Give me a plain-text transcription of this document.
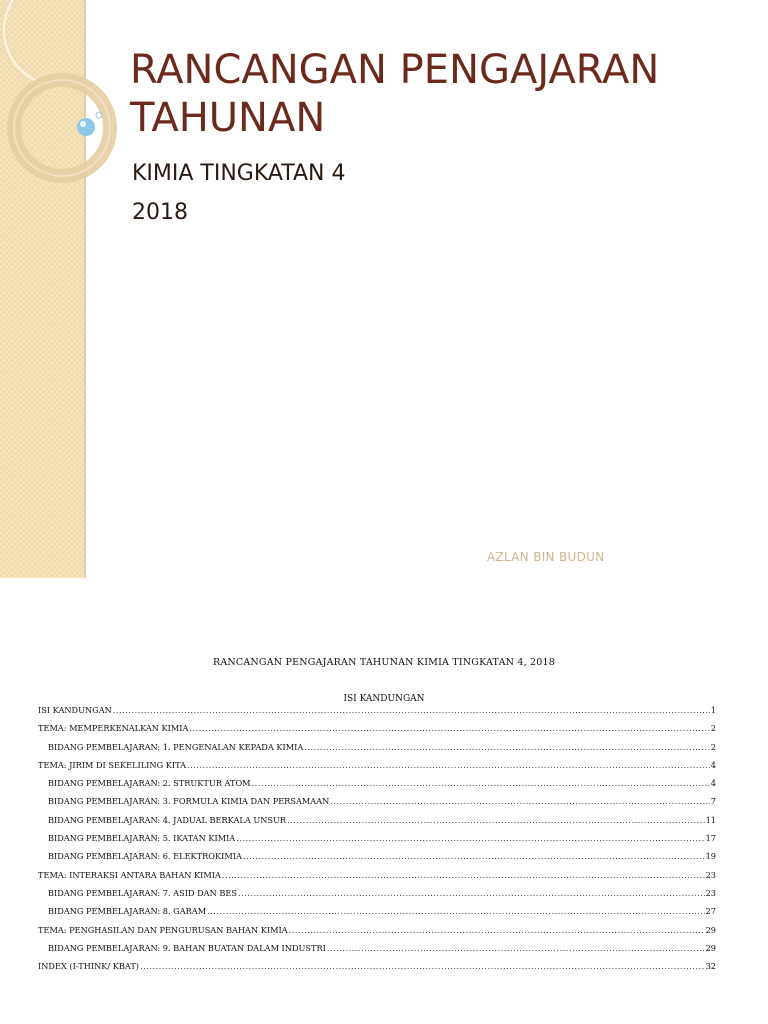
RANCANGAN PENGAJARAN
TAHUNAN

KIMIA TINGKATAN 4

2018

AZLAN BIN BUDUN
RANCANGAN PENGAJARAN TAHUNAN KIMIA TINGKATAN 4, 2018
ISI KANDUNGAN
ISI KANDUNGAN .....	1
TEMA: MEMPERKENALKAN KIMIA .....	2
BIDANG PEMBELAJARAN: 1. PENGENALAN KEPADA KIMIA .....	2
TEMA: JIRIM DI SEKELILING KITA .....	4
BIDANG PEMBELAJARAN: 2. STRUKTUR ATOM .....	4
BIDANG PEMBELAJARAN: 3. FORMULA KIMIA DAN PERSAMAAN .....	7
BIDANG PEMBELAJARAN: 4. JADUAL BERKALA UNSUR .....	11
BIDANG PEMBELAJARAN: 5. IKATAN KIMIA .....	17
BIDANG PEMBELAJARAN: 6. ELEKTROKIMIA .....	19
TEMA: INTERAKSI ANTARA BAHAN KIMIA .....	23
BIDANG PEMBELAJARAN: 7. ASID DAN BES .....	23
BIDANG PEMBELAJARAN: 8. GARAM .....	27
TEMA: PENGHASILAN DAN PENGURUSAN BAHAN KIMIA .....	29
BIDANG PEMBELAJARAN: 9. BAHAN BUATAN DALAM INDUSTRI .....	29
INDEX (I-THINK/ KBAT) .....	32
